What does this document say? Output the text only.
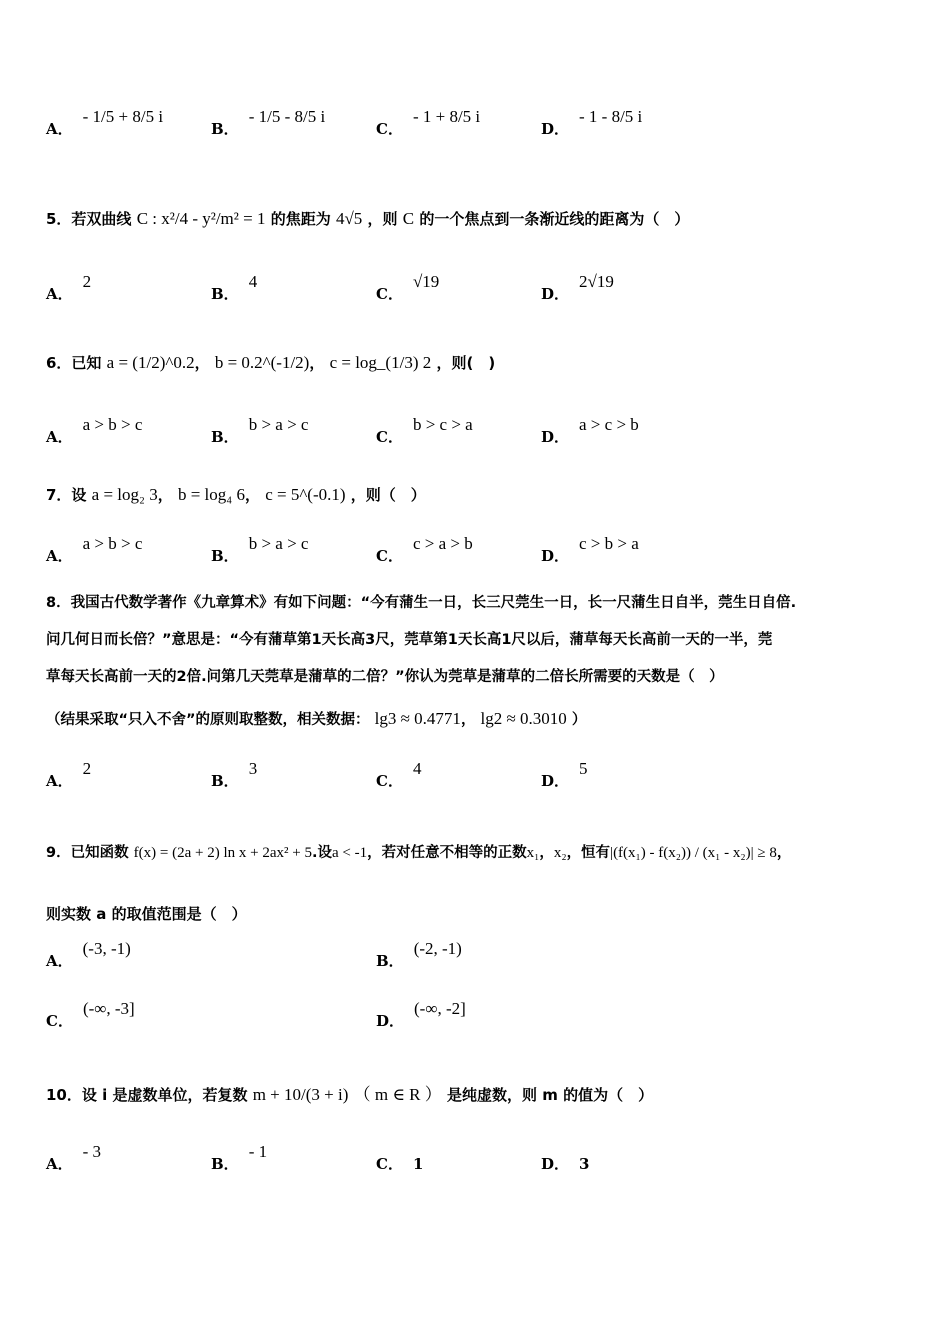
A．- 1/5 + 8/5 i
B．- 1/5 - 8/5 i
C．- 1 + 8/5 i
D．- 1 - 8/5 i
5．若双曲线 C : x²/4 - y²/m² = 1 的焦距为 4√5 ，则 C 的一个焦点到一条渐近线的距离为（　）
A．2
B．4
C．√19
D．2√19
6．已知 a = (1/2)^0.2， b = 0.2^(-1/2)， c = log_(1/3) 2 ，则(　)
A．a > b > c
B．b > a > c
C．b > c > a
D．a > c > b
7．设 a = log₂ 3， b = log₄ 6， c = 5^(-0.1) ，则（　）
A．a > b > c
B．b > a > c
C．c > a > b
D．c > b > a
8．我国古代数学著作《九章算术》有如下问题：“今有蒲生一日，长三尺莞生一日，长一尺蒲生日自半，莞生日自倍.
问几何日而长倍？”意思是：“今有蒲草第1天长高3尺，莞草第1天长高1尺以后，蒲草每天长高前一天的一半，莞
草每天长高前一天的2倍.问第几天莞草是蒲草的二倍？”你认为莞草是蒲草的二倍长所需要的天数是（　）
（结果采取“只入不舍”的原则取整数，相关数据： lg3 ≈ 0.4771， lg2 ≈ 0.3010 ）
A．2
B．3
C．4
D．5
9．已知函数 f(x) = (2a + 2) ln x + 2ax² + 5.设a < -1，若对任意不相等的正数x₁，x₂，恒有|(f(x₁) - f(x₂)) / (x₁ - x₂)| ≥ 8，
则实数 a 的取值范围是（　）
A．(-3, -1)
B．(-2, -1)
C．(-∞, -3]
D．(-∞, -2]
10．设 i 是虚数单位，若复数 m + 10/(3 + i) （ m ∈ R ） 是纯虚数，则 m 的值为（　）
A．- 3
B．- 1
C． 1	D． 3
